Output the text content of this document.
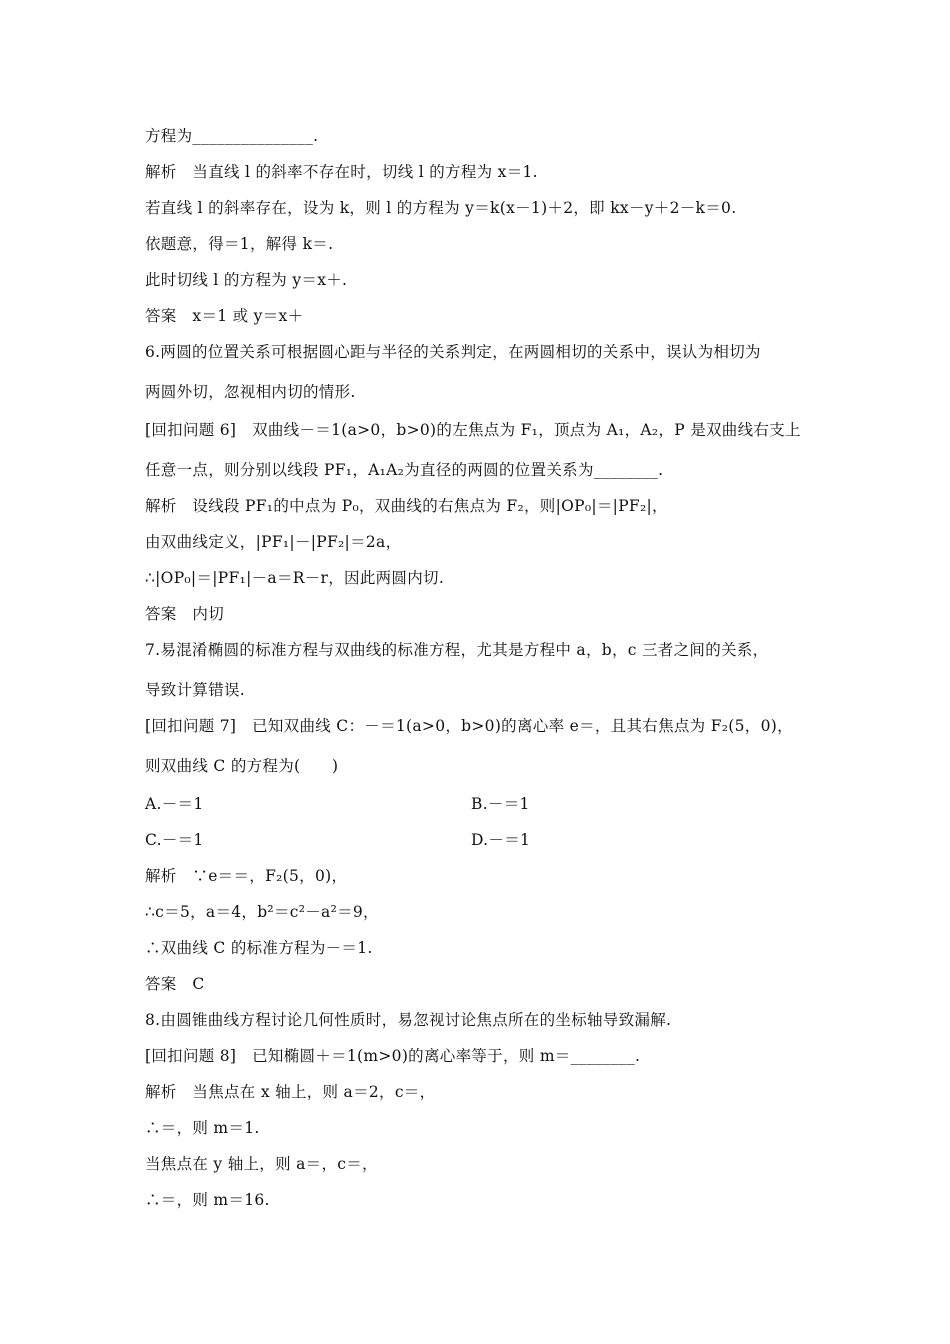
方程为_______________.
解析　当直线 l 的斜率不存在时，切线 l 的方程为 x＝1.
若直线 l 的斜率存在，设为 k，则 l 的方程为 y＝k(x－1)＋2，即 kx－y＋2－k＝0.
依题意，得＝1，解得 k＝.
此时切线 l 的方程为 y＝x＋.
答案　x＝1 或 y＝x＋
6.两圆的位置关系可根据圆心距与半径的关系判定，在两圆相切的关系中，误认为相切为
两圆外切，忽视相内切的情形.
[回扣问题 6]　双曲线－＝1(a>0，b>0)的左焦点为 F₁，顶点为 A₁，A₂，P 是双曲线右支上
任意一点，则分别以线段 PF₁，A₁A₂为直径的两圆的位置关系为________.
解析　设线段 PF₁的中点为 P₀，双曲线的右焦点为 F₂，则|OP₀|＝|PF₂|，
由双曲线定义，|PF₁|－|PF₂|＝2a，
∴|OP₀|＝|PF₁|－a＝R－r，因此两圆内切.
答案　内切
7.易混淆椭圆的标准方程与双曲线的标准方程，尤其是方程中 a，b，c 三者之间的关系，
导致计算错误.
[回扣问题 7]　已知双曲线 C：－＝1(a>0，b>0)的离心率 e＝，且其右焦点为 F₂(5，0)，
则双曲线 C 的方程为(　　)
A.－＝1	B.－＝1
C.－＝1	D.－＝1
解析　∵e＝＝，F₂(5，0)，
∴c＝5，a＝4，b²＝c²－a²＝9，
∴双曲线 C 的标准方程为－＝1.
答案　C
8.由圆锥曲线方程讨论几何性质时，易忽视讨论焦点所在的坐标轴导致漏解.
[回扣问题 8]　已知椭圆＋＝1(m>0)的离心率等于，则 m＝________.
解析　当焦点在 x 轴上，则 a＝2，c＝，
∴＝，则 m＝1.
当焦点在 y 轴上，则 a＝，c＝，
∴＝，则 m＝16.
